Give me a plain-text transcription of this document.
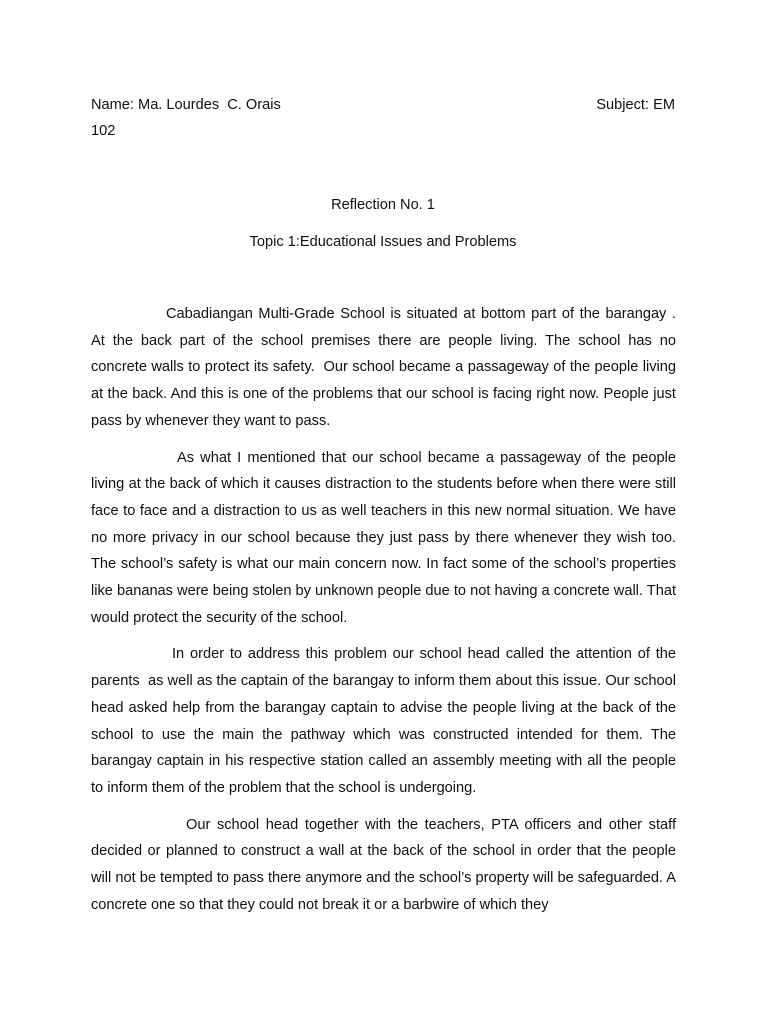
Name: Ma. Lourdes  C. Orais	Subject: EM
102
Reflection No. 1
Topic 1:Educational Issues and Problems

Cabadiangan Multi-Grade School is situated at bottom part of the barangay . At the back part of the school premises there are people living. The school has no concrete walls to protect its safety.  Our school became a passageway of the people living at the back. And this is one of the problems that our school is facing right now. People just pass by whenever they want to pass.

As what I mentioned that our school became a passageway of the people living at the back of which it causes distraction to the students before when there were still face to face and a distraction to us as well teachers in this new normal situation. We have no more privacy in our school because they just pass by there whenever they wish too. The school’s safety is what our main concern now. In fact some of the school’s properties like bananas were being stolen by unknown people due to not having a concrete wall. That would protect the security of the school.

In order to address this problem our school head called the attention of the parents  as well as the captain of the barangay to inform them about this issue. Our school head asked help from the barangay captain to advise the people living at the back of the school to use the main the pathway which was constructed intended for them. The barangay captain in his respective station called an assembly meeting with all the people  to inform them of the problem that the school is undergoing.

Our school head together with the teachers, PTA officers and other staff decided or planned to construct a wall at the back of the school in order that the people will not be tempted to pass there anymore and the school’s property will be safeguarded. A concrete one so that they could not break it or a barbwire of which they
